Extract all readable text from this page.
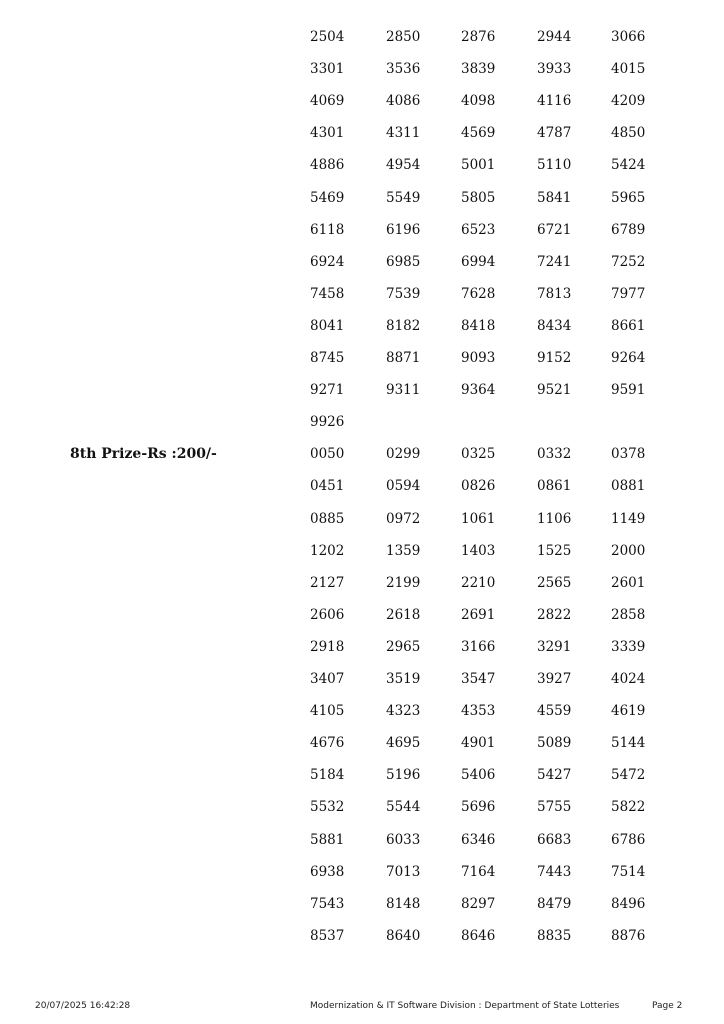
2504	2850	2876	2944	3066
3301	3536	3839	3933	4015
4069	4086	4098	4116	4209
4301	4311	4569	4787	4850
4886	4954	5001	5110	5424
5469	5549	5805	5841	5965
6118	6196	6523	6721	6789
6924	6985	6994	7241	7252
7458	7539	7628	7813	7977
8041	8182	8418	8434	8661
8745	8871	9093	9152	9264
9271	9311	9364	9521	9591
9926
8th Prize-Rs :200/-	0050	0299	0325	0332	0378
0451	0594	0826	0861	0881
0885	0972	1061	1106	1149
1202	1359	1403	1525	2000
2127	2199	2210	2565	2601
2606	2618	2691	2822	2858
2918	2965	3166	3291	3339
3407	3519	3547	3927	4024
4105	4323	4353	4559	4619
4676	4695	4901	5089	5144
5184	5196	5406	5427	5472
5532	5544	5696	5755	5822
5881	6033	6346	6683	6786
6938	7013	7164	7443	7514
7543	8148	8297	8479	8496
8537	8640	8646	8835	8876
20/07/2025 16:42:28	Modernization & IT Software Division : Department of State Lotteries	Page 2
